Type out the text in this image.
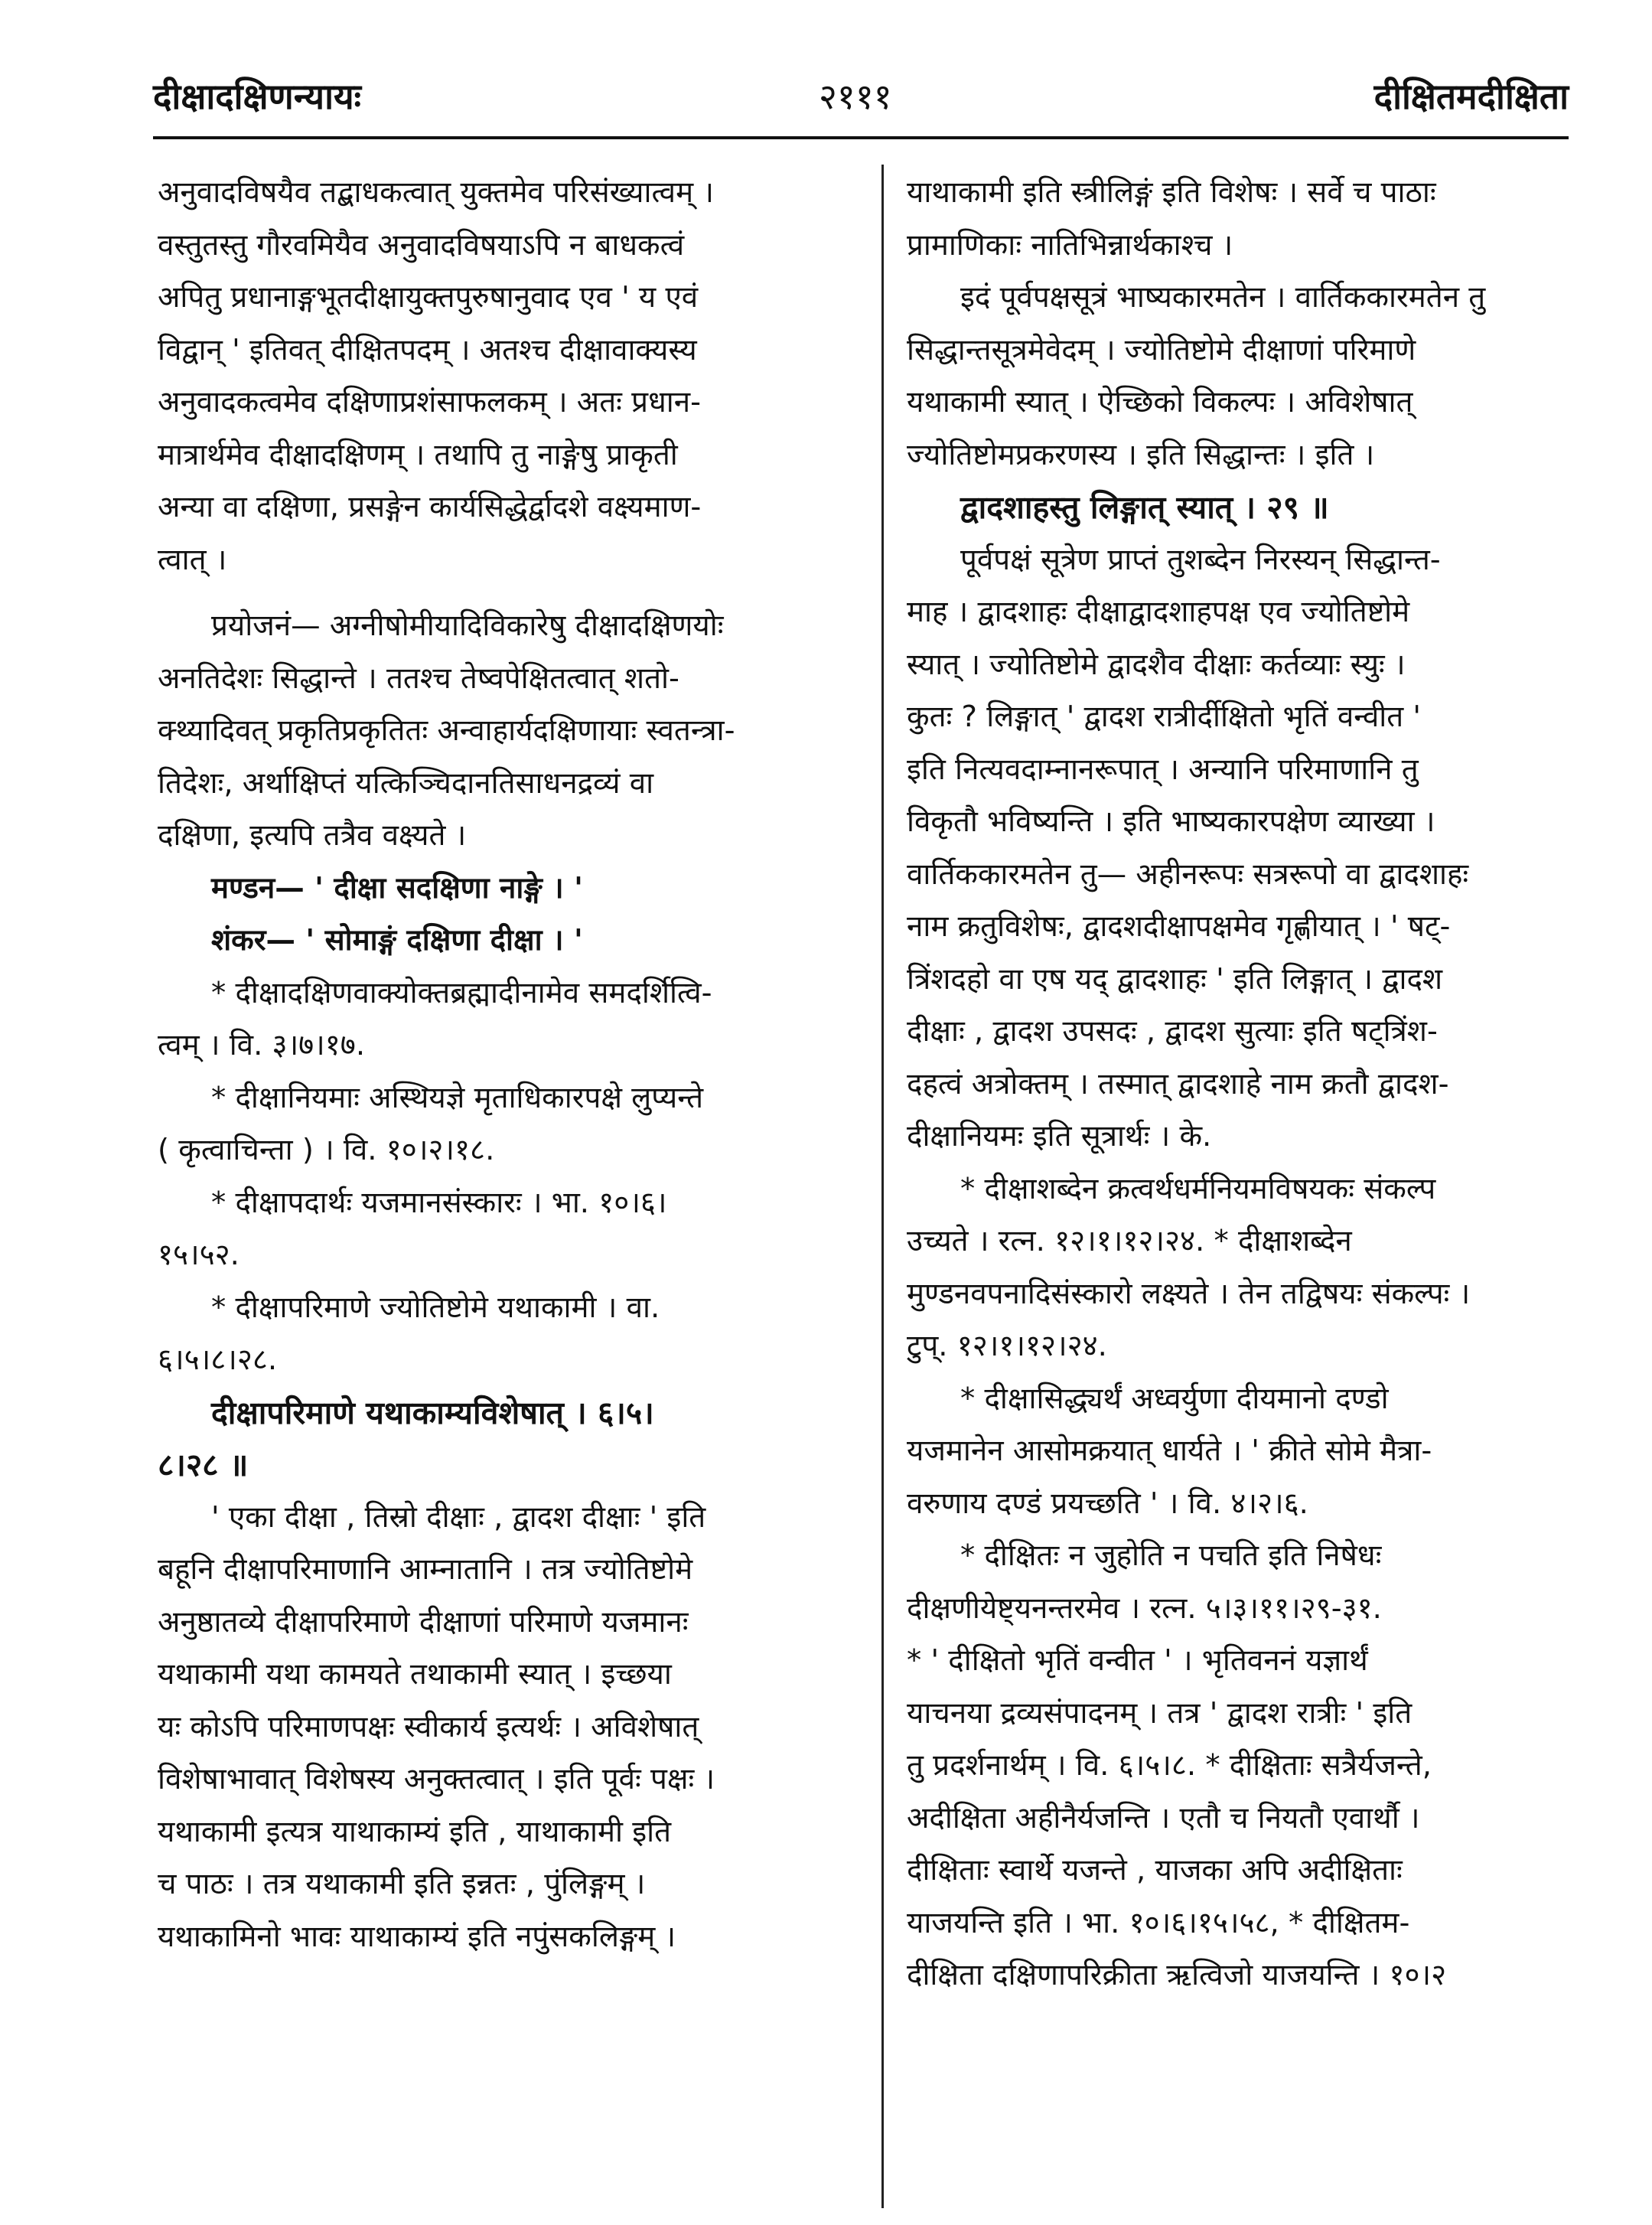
दीक्षादक्षिणन्यायः	२१११	दीक्षितमदीक्षिता
अनुवादविषयैव तद्बाधकत्वात् युक्तमेव परिसंख्यात्वम् ।
वस्तुतस्तु गौरवमियैव अनुवादविषयाऽपि न बाधकत्वं
अपितु प्रधानाङ्गभूतदीक्षायुक्तपुरुषानुवाद एव ' य एवं
विद्वान् ' इतिवत् दीक्षितपदम् । अतश्च दीक्षावाक्यस्य
अनुवादकत्वमेव दक्षिणाप्रशंसाफलकम् । अतः प्रधान-
मात्रार्थमेव दीक्षादक्षिणम् । तथापि तु नाङ्गेषु प्राकृती
अन्या वा दक्षिणा, प्रसङ्गेन कार्यसिद्धेर्द्वादशे वक्ष्यमाण-
त्वात् ।
प्रयोजनं— अग्नीषोमीयादिविकारेषु दीक्षादक्षिणयोः
अनतिदेशः सिद्धान्ते । ततश्च तेष्वपेक्षितत्वात् शतो-
क्थ्यादिवत् प्रकृतिप्रकृतितः अन्वाहार्यदक्षिणायाः स्वतन्त्रा-
तिदेशः, अर्थाक्षिप्तं यत्किञ्चिदानतिसाधनद्रव्यं वा
दक्षिणा, इत्यपि तत्रैव वक्ष्यते ।
मण्डन— ' दीक्षा सदक्षिणा नाङ्गे । '
शंकर— ' सोमाङ्गं दक्षिणा दीक्षा । '
* दीक्षादक्षिणवाक्योक्तब्रह्मादीनामेव समदर्शित्वि-
त्वम् । वि. ३।७।१७.
* दीक्षानियमाः अस्थियज्ञे मृताधिकारपक्षे लुप्यन्ते
( कृत्वाचिन्ता ) । वि. १०।२।१८.
* दीक्षापदार्थः यजमानसंस्कारः । भा. १०।६।
१५।५२.
* दीक्षापरिमाणे ज्योतिष्टोमे यथाकामी । वा.
६।५।८।२८.
दीक्षापरिमाणे यथाकाम्यविशेषात् । ६।५।
८।२८ ॥
' एका दीक्षा , तिस्रो दीक्षाः , द्वादश दीक्षाः ' इति
बहूनि दीक्षापरिमाणानि आम्नातानि । तत्र ज्योतिष्टोमे
अनुष्ठातव्ये दीक्षापरिमाणे दीक्षाणां परिमाणे यजमानः
यथाकामी यथा कामयते तथाकामी स्यात् । इच्छया
यः कोऽपि परिमाणपक्षः स्वीकार्य इत्यर्थः । अविशेषात्
विशेषाभावात् विशेषस्य अनुक्तत्वात् । इति पूर्वः पक्षः ।
यथाकामी इत्यत्र याथाकाम्यं इति , याथाकामी इति
च पाठः । तत्र यथाकामी इति इन्नतः , पुंलिङ्गम् ।
यथाकामिनो भावः याथाकाम्यं इति नपुंसकलिङ्गम् ।
याथाकामी इति स्त्रीलिङ्गं इति विशेषः । सर्वे च पाठाः
प्रामाणिकाः नातिभिन्नार्थकाश्च ।
इदं पूर्वपक्षसूत्रं भाष्यकारमतेन । वार्तिककारमतेन तु
सिद्धान्तसूत्रमेवेदम् । ज्योतिष्टोमे दीक्षाणां परिमाणे
यथाकामी स्यात् । ऐच्छिको विकल्पः । अविशेषात्
ज्योतिष्टोमप्रकरणस्य । इति सिद्धान्तः । इति ।
द्वादशाहस्तु लिङ्गात् स्यात् । २९ ॥
पूर्वपक्षं सूत्रेण प्राप्तं तुशब्देन निरस्यन् सिद्धान्त-
माह । द्वादशाहः दीक्षाद्वादशाहपक्ष एव ज्योतिष्टोमे
स्यात् । ज्योतिष्टोमे द्वादशैव दीक्षाः कर्तव्याः स्युः ।
कुतः ? लिङ्गात् ' द्वादश रात्रीर्दीक्षितो भृतिं वन्वीत '
इति नित्यवदाम्नानरूपात् । अन्यानि परिमाणानि तु
विकृतौ भविष्यन्ति । इति भाष्यकारपक्षेण व्याख्या ।
वार्तिककारमतेन तु— अहीनरूपः सत्ररूपो वा द्वादशाहः
नाम क्रतुविशेषः, द्वादशदीक्षापक्षमेव गृह्णीयात् । ' षट्-
त्रिंशदहो वा एष यद् द्वादशाहः ' इति लिङ्गात् । द्वादश
दीक्षाः , द्वादश उपसदः , द्वादश सुत्याः इति षट्त्रिंश-
दहत्वं अत्रोक्तम् । तस्मात् द्वादशाहे नाम क्रतौ द्वादश-
दीक्षानियमः इति सूत्रार्थः । के.
* दीक्षाशब्देन क्रत्वर्थधर्मनियमविषयकः संकल्प
उच्यते । रत्न. १२।१।१२।२४. * दीक्षाशब्देन
मुण्डनवपनादिसंस्कारो लक्ष्यते । तेन तद्विषयः संकल्पः ।
टुप्. १२।१।१२।२४.
* दीक्षासिद्ध्यर्थं अध्वर्युणा दीयमानो दण्डो
यजमानेन आसोमक्रयात् धार्यते । ' क्रीते सोमे मैत्रा-
वरुणाय दण्डं प्रयच्छति ' । वि. ४।२।६.
* दीक्षितः न जुहोति न पचति इति निषेधः
दीक्षणीयेष्ट्यनन्तरमेव । रत्न. ५।३।११।२९-३१.
* ' दीक्षितो भृतिं वन्वीत ' । भृतिवननं यज्ञार्थं
याचनया द्रव्यसंपादनम् । तत्र ' द्वादश रात्रीः ' इति
तु प्रदर्शनार्थम् । वि. ६।५।८. * दीक्षिताः सत्रैर्यजन्ते,
अदीक्षिता अहीनैर्यजन्ति । एतौ च नियतौ एवार्थौ ।
दीक्षिताः स्वार्थे यजन्ते , याजका अपि अदीक्षिताः
याजयन्ति इति । भा. १०।६।१५।५८, * दीक्षितम-
दीक्षिता दक्षिणापरिक्रीता ऋत्विजो याजयन्ति । १०।२
